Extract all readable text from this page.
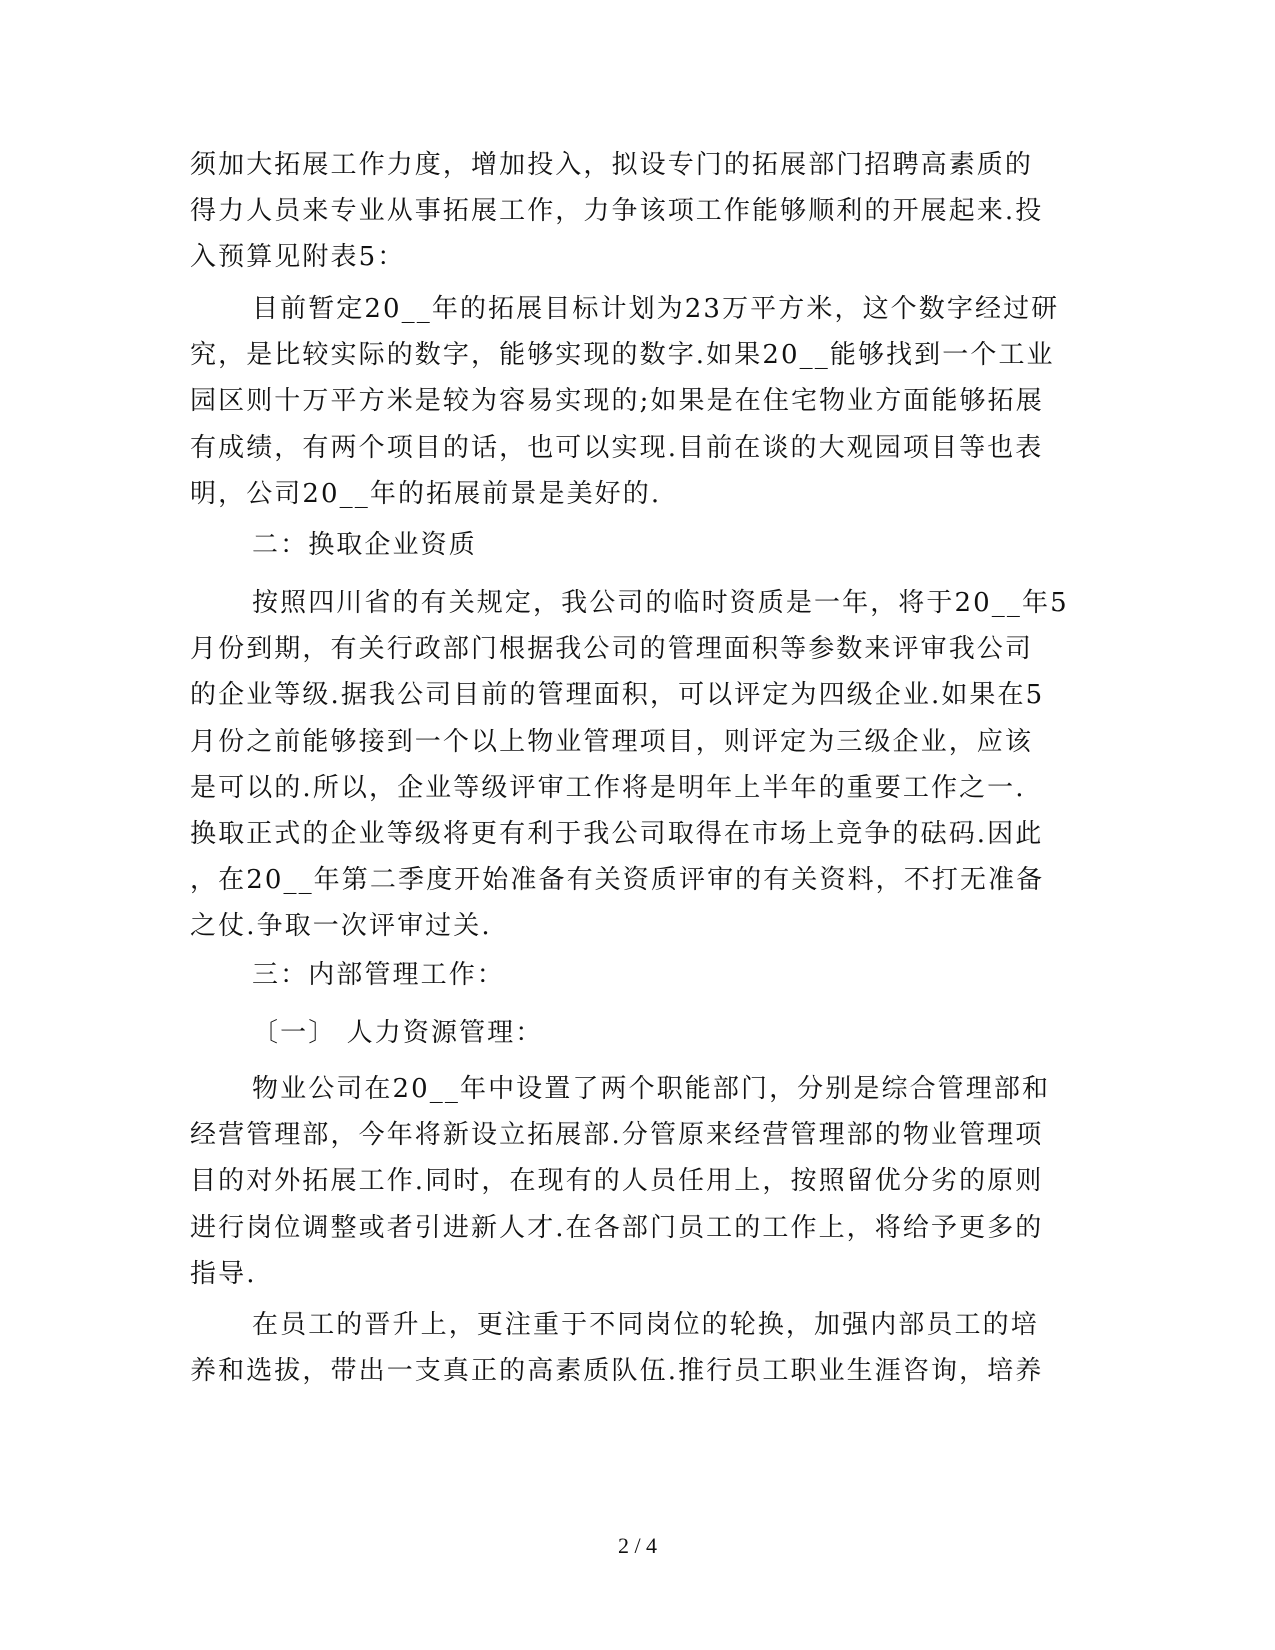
须加大拓展工作力度，增加投入，拟设专门的拓展部门招聘高素质的
得力人员来专业从事拓展工作，力争该项工作能够顺利的开展起来.投
入预算见附表5：

目前暂定20__年的拓展目标计划为23万平方米，这个数字经过研
究，是比较实际的数字，能够实现的数字.如果20__能够找到一个工业
园区则十万平方米是较为容易实现的;如果是在住宅物业方面能够拓展
有成绩，有两个项目的话，也可以实现.目前在谈的大观园项目等也表
明，公司20__年的拓展前景是美好的.

二：换取企业资质

按照四川省的有关规定，我公司的临时资质是一年，将于20__年5
月份到期，有关行政部门根据我公司的管理面积等参数来评审我公司
的企业等级.据我公司目前的管理面积，可以评定为四级企业.如果在5
月份之前能够接到一个以上物业管理项目，则评定为三级企业，应该
是可以的.所以，企业等级评审工作将是明年上半年的重要工作之一.
换取正式的企业等级将更有利于我公司取得在市场上竞争的砝码.因此
，在20__年第二季度开始准备有关资质评审的有关资料，不打无准备
之仗.争取一次评审过关.

三：内部管理工作：

〔一〕 人力资源管理：

物业公司在20__年中设置了两个职能部门，分别是综合管理部和
经营管理部，今年将新设立拓展部.分管原来经营管理部的物业管理项
目的对外拓展工作.同时，在现有的人员任用上，按照留优分劣的原则
进行岗位调整或者引进新人才.在各部门员工的工作上，将给予更多的
指导.

在员工的晋升上，更注重于不同岗位的轮换，加强内部员工的培
养和选拔，带出一支真正的高素质队伍.推行员工职业生涯咨询，培养

2 / 4
